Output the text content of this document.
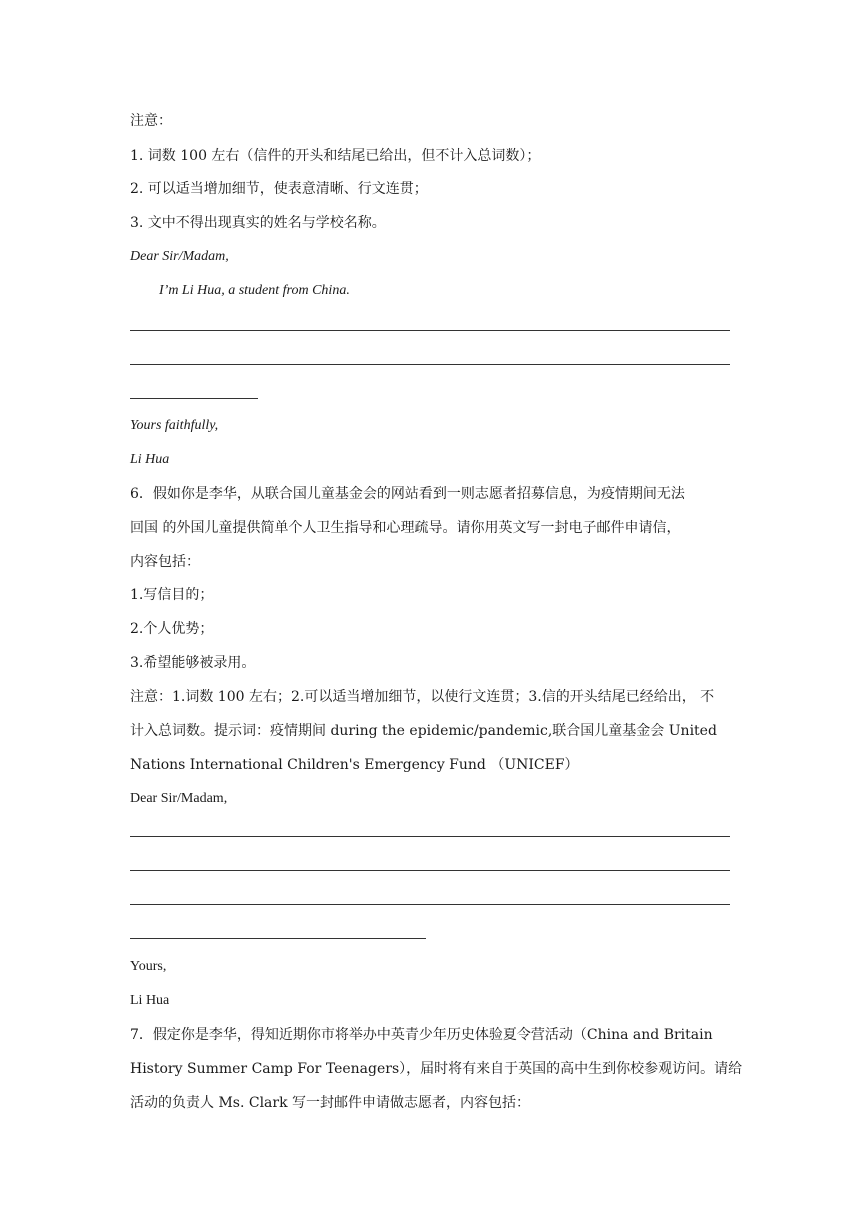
注意：
1. 词数 100 左右（信件的开头和结尾已给出，但不计入总词数）；
2. 可以适当增加细节，使表意清晰、行文连贯；
3. 文中不得出现真实的姓名与学校名称。
Dear Sir/Madam,
I’m Li Hua, a student from China.
Yours faithfully,
Li Hua
6．假如你是李华，从联合国儿童基金会的网站看到一则志愿者招募信息，为疫情期间无法
回国 的外国儿童提供简单个人卫生指导和心理疏导。请你用英文写一封电子邮件申请信，
内容包括：
1.写信目的；
2.个人优势；
3.希望能够被录用。
注意：1.词数 100 左右；2.可以适当增加细节，以使行文连贯；3.信的开头结尾已经给出， 不
计入总词数。提示词：疫情期间 during the epidemic/pandemic,联合国儿童基金会 United
Nations International Children's Emergency Fund （UNICEF）
Dear Sir/Madam,
Yours,
Li Hua
7．假定你是李华，得知近期你市将举办中英青少年历史体验夏令营活动（China and Britain
History Summer Camp For Teenagers），届时将有来自于英国的高中生到你校参观访问。请给
活动的负责人 Ms. Clark 写一封邮件申请做志愿者，内容包括：
